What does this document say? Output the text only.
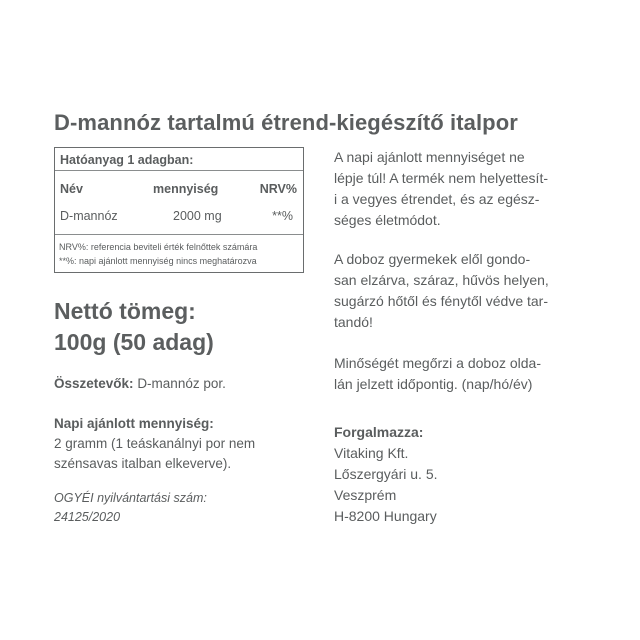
D-mannóz tartalmú étrend-kiegészítő italpor
Hatóanyag 1 adagban:
Név	mennyiség	NRV%
D-mannóz	2000 mg	**%
NRV%: referencia beviteli érték felnőttek számára
**%: napi ajánlott mennyiség nincs meghatározva
Nettó tömeg:
100g (50 adag)
Összetevők: D-mannóz por.
Napi ajánlott mennyiség:
2 gramm (1 teáskanálnyi por nem
szénsavas italban elkeverve).
OGYÉI nyilvántartási szám:
24125/2020

A napi ajánlott mennyiséget ne

lépje túl! A termék nem helyettesít-

i a vegyes étrendet, és az egész-

séges életmódot.

A doboz gyermekek elől gondo-

san elzárva, száraz, hűvös helyen,

sugárzó hőtől és fénytől védve tar-

tandó!

Minőségét megőrzi a doboz olda-

lán jelzett időpontig. (nap/hó/év)

Forgalmazza:

Vitaking Kft.

Lőszergyári u. 5.

Veszprém

H-8200 Hungary
